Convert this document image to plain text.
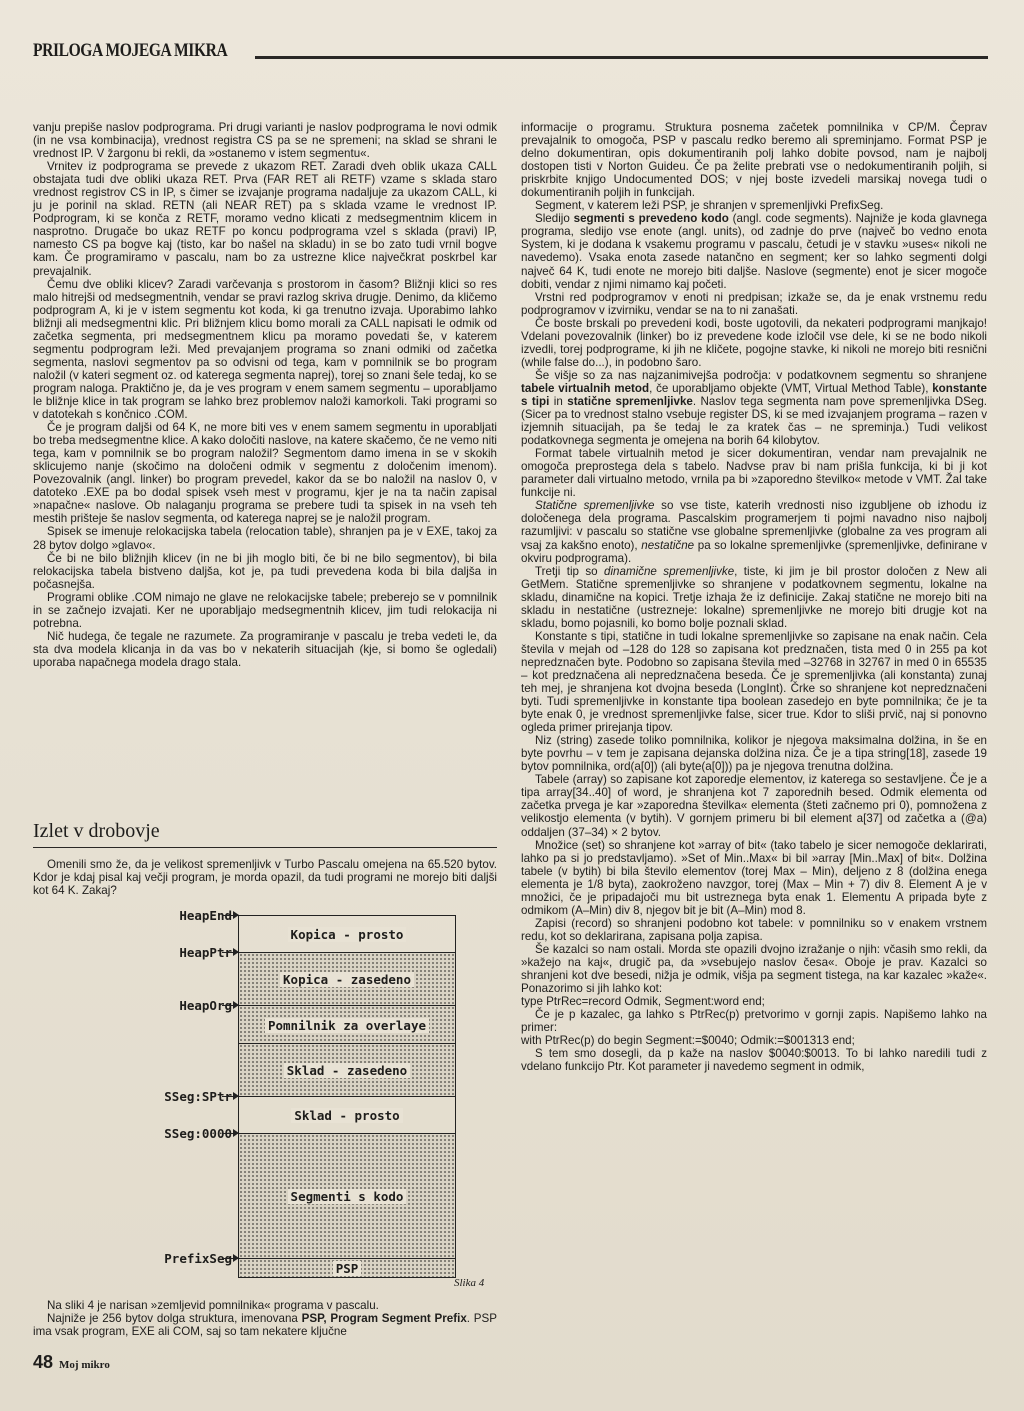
PRILOGA MOJEGA MIKRA

vanju prepiše naslov podprograma. Pri drugi varianti je naslov podprograma le novi odmik (in ne vsa kombinacija), vrednost registra CS pa se ne spremeni; na sklad se shrani le vrednost IP. V žargonu bi rekli, da »ostanemo v istem segmentu«.

Vrnitev iz podprograma se prevede z ukazom RET. Zaradi dveh oblik ukaza CALL obstajata tudi dve obliki ukaza RET. Prva (FAR RET ali RETF) vzame s sklada staro vrednost registrov CS in IP, s čimer se izvajanje programa nadaljuje za ukazom CALL, ki ju je porinil na sklad. RETN (ali NEAR RET) pa s sklada vzame le vrednost IP. Podprogram, ki se konča z RETF, moramo vedno klicati z medsegmentnim klicem in nasprotno. Drugače bo ukaz RETF po koncu podprograma vzel s sklada (pravi) IP, namesto CS pa bogve kaj (tisto, kar bo našel na skladu) in se bo zato tudi vrnil bogve kam. Če programiramo v pascalu, nam bo za ustrezne klice največkrat poskrbel kar prevajalnik.

Čemu dve obliki klicev? Zaradi varčevanja s prostorom in časom? Bližnji klici so res malo hitrejši od medsegmentnih, vendar se pravi razlog skriva drugje. Denimo, da kličemo podprogram A, ki je v istem segmentu kot koda, ki ga trenutno izvaja. Uporabimo lahko bližnji ali medsegmentni klic. Pri bližnjem klicu bomo morali za CALL napisati le odmik od začetka segmenta, pri medsegmentnem klicu pa moramo povedati še, v katerem segmentu podprogram leži. Med prevajanjem programa so znani odmiki od začetka segmenta, naslovi segmentov pa so odvisni od tega, kam v pomnilnik se bo program naložil (v kateri segment oz. od katerega segmenta naprej), torej so znani šele tedaj, ko se program naloga. Praktično je, da je ves program v enem samem segmentu – uporabljamo le bližnje klice in tak program se lahko brez problemov naloži kamorkoli. Taki programi so v datotekah s končnico .COM.

Če je program daljši od 64 K, ne more biti ves v enem samem segmentu in uporabljati bo treba medsegmentne klice. A kako določiti naslove, na katere skačemo, če ne vemo niti tega, kam v pomnilnik se bo program naložil? Segmentom damo imena in se v skokih sklicujemo nanje (skočimo na določeni odmik v segmentu z določenim imenom). Povezovalnik (angl. linker) bo program prevedel, kakor da se bo naložil na naslov 0, v datoteko .EXE pa bo dodal spisek vseh mest v programu, kjer je na ta način zapisal »napačne« naslove. Ob nalaganju programa se prebere tudi ta spisek in na vseh teh mestih prišteje še naslov segmenta, od katerega naprej se je naložil program.

Spisek se imenuje relokacijska tabela (relocation table), shranjen pa je v EXE, takoj za 28 bytov dolgo »glavo«.

Če bi ne bilo bližnjih klicev (in ne bi jih moglo biti, če bi ne bilo segmentov), bi bila relokacijska tabela bistveno daljša, kot je, pa tudi prevedena koda bi bila daljša in počasnejša.

Programi oblike .COM nimajo ne glave ne relokacijske tabele; preberejo se v pomnilnik in se začnejo izvajati. Ker ne uporabljajo medsegmentnih klicev, jim tudi relokacija ni potrebna.

Nič hudega, če tegale ne razumete. Za programiranje v pascalu je treba vedeti le, da sta dva modela klicanja in da vas bo v nekaterih situacijah (kje, si bomo še ogledali) uporaba napačnega modela drago stala.

Izlet v drobovje

Omenili smo že, da je velikost spremenljivk v Turbo Pascalu omejena na 65.520 bytov. Kdor je kdaj pisal kaj večji program, je morda opazil, da tudi programi ne morejo biti daljši kot 64 K. Zakaj?

HeapEnd
HeapPtr
HeapOrg
SSeg:SPtr
SSeg:0000
PrefixSeg
Kopica - prosto
Kopica - zasedeno
Pomnilnik za overlaye
Sklad - zasedeno
Sklad - prosto
Segmenti s kodo
PSP
Slika 4

Na sliki 4 je narisan »zemljevid pomnilnika« programa v pascalu.

Najniže je 256 bytov dolga struktura, imenovana PSP, Program Segment Prefix. PSP ima vsak program, EXE ali COM, saj so tam nekatere ključne

informacije o programu. Struktura posnema začetek pomnilnika v CP/M. Čeprav prevajalnik to omogoča, PSP v pascalu redko beremo ali spreminjamo. Format PSP je delno dokumentiran, opis dokumentiranih polj lahko dobite povsod, nam je najbolj dostopen tisti v Norton Guideu. Če pa želite prebrati vse o nedokumentiranih poljih, si priskrbite knjigo Undocumented DOS; v njej boste izvedeli marsikaj novega tudi o dokumentiranih poljih in funkcijah.

Segment, v katerem leži PSP, je shranjen v spremenljivki PrefixSeg.

Sledijo segmenti s prevedeno kodo (angl. code segments). Najniže je koda glavnega programa, sledijo vse enote (angl. units), od zadnje do prve (največ bo vedno enota System, ki je dodana k vsakemu programu v pascalu, četudi je v stavku »uses« nikoli ne navedemo). Vsaka enota zasede natančno en segment; ker so lahko segmenti dolgi največ 64 K, tudi enote ne morejo biti daljše. Naslove (segmente) enot je sicer mogoče dobiti, vendar z njimi nimamo kaj početi.

Vrstni red podprogramov v enoti ni predpisan; izkaže se, da je enak vrstnemu redu podprogramov v izvirniku, vendar se na to ni zanašati.

Če boste brskali po prevedeni kodi, boste ugotovili, da nekateri podprogrami manjkajo! Vdelani povezovalnik (linker) bo iz prevedene kode izločil vse dele, ki se ne bodo nikoli izvedli, torej podprograme, ki jih ne kličete, pogojne stavke, ki nikoli ne morejo biti resnični (while false do...), in podobno šaro.

Še višje so za nas najzanimivejša področja: v podatkovnem segmentu so shranjene tabele virtualnih metod, če uporabljamo objekte (VMT, Virtual Method Table), konstante s tipi in statične spremenljivke. Naslov tega segmenta nam pove spremenljivka DSeg. (Sicer pa to vrednost stalno vsebuje register DS, ki se med izvajanjem programa – razen v izjemnih situacijah, pa še tedaj le za kratek čas – ne spreminja.) Tudi velikost podatkovnega segmenta je omejena na borih 64 kilobytov.

Format tabele virtualnih metod je sicer dokumentiran, vendar nam prevajalnik ne omogoča preprostega dela s tabelo. Nadvse prav bi nam prišla funkcija, ki bi ji kot parameter dali virtualno metodo, vrnila pa bi »zaporedno številko« metode v VMT. Žal take funkcije ni.

Statične spremenljivke so vse tiste, katerih vrednosti niso izgubljene ob izhodu iz določenega dela programa. Pascalskim programerjem ti pojmi navadno niso najbolj razumljivi: v pascalu so statične vse globalne spremenljivke (globalne za ves program ali vsaj za kakšno enoto), nestatične pa so lokalne spremenljivke (spremenljivke, definirane v okviru podprograma).

Tretji tip so dinamične spremenljivke, tiste, ki jim je bil prostor določen z New ali GetMem. Statične spremenljivke so shranjene v podatkovnem segmentu, lokalne na skladu, dinamične na kopici. Tretje izhaja že iz definicije. Zakaj statične ne morejo biti na skladu in nestatične (ustrezneje: lokalne) spremenljivke ne morejo biti drugje kot na skladu, bomo pojasnili, ko bomo bolje poznali sklad.

Konstante s tipi, statične in tudi lokalne spremenljivke so zapisane na enak način. Cela števila v mejah od –128 do 128 so zapisana kot predznačen, tista med 0 in 255 pa kot nepredznačen byte. Podobno so zapisana števila med –32768 in 32767 in med 0 in 65535 – kot predznačena ali nepredznačena beseda. Če je spremenljivka (ali konstanta) zunaj teh mej, je shranjena kot dvojna beseda (LongInt). Črke so shranjene kot nepredznačeni byti. Tudi spremenljivke in konstante tipa boolean zasedejo en byte pomnilnika; če je ta byte enak 0, je vrednost spremenljivke false, sicer true. Kdor to sliši prvič, naj si ponovno ogleda primer prirejanja tipov.

Niz (string) zasede toliko pomnilnika, kolikor je njegova maksimalna dolžina, in še en byte povrhu – v tem je zapisana dejanska dolžina niza. Če je a tipa string[18], zasede 19 bytov pomnilnika, ord(a[0]) (ali byte(a[0])) pa je njegova trenutna dolžina.

Tabele (array) so zapisane kot zaporedje elementov, iz katerega so sestavljene. Če je a tipa array[34..40] of word, je shranjena kot 7 zaporednih besed. Odmik elementa od začetka prvega je kar »zaporedna številka« elementa (šteti začnemo pri 0), pomnožena z velikostjo elementa (v bytih). V gornjem primeru bi bil element a[37] od začetka a (@a) oddaljen (37–34) × 2 bytov.

Množice (set) so shranjene kot »array of bit« (tako tabelo je sicer nemogoče deklarirati, lahko pa si jo predstavljamo). »Set of Min..Max« bi bil »array [Min..Max] of bit«. Dolžina tabele (v bytih) bi bila število elementov (torej Max – Min), deljeno z 8 (dolžina enega elementa je 1/8 byta), zaokroženo navzgor, torej (Max – Min + 7) div 8. Element A je v množici, če je pripadajoči mu bit ustreznega byta enak 1. Elementu A pripada byte z odmikom (A–Min) div 8, njegov bit je bit (A–Min) mod 8.

Zapisi (record) so shranjeni podobno kot tabele: v pomnilniku so v enakem vrstnem redu, kot so deklarirana, zapisana polja zapisa.

Še kazalci so nam ostali. Morda ste opazili dvojno izražanje o njih: včasih smo rekli, da »kažejo na kaj«, drugič pa, da »vsebujejo naslov česa«. Oboje je prav. Kazalci so shranjeni kot dve besedi, nižja je odmik, višja pa segment tistega, na kar kazalec »kaže«. Ponazorimo si jih lahko kot:

type PtrRec=record Odmik, Segment:word end;

Če je p kazalec, ga lahko s PtrRec(p) pretvorimo v gornji zapis. Napišemo lahko na primer:

with PtrRec(p) do begin Segment:=$0040; Odmik:=$001313 end;

S tem smo dosegli, da p kaže na naslov $0040:$0013. To bi lahko naredili tudi z vdelano funkcijo Ptr. Kot parameter ji navedemo segment in odmik,

48 Moj mikro
